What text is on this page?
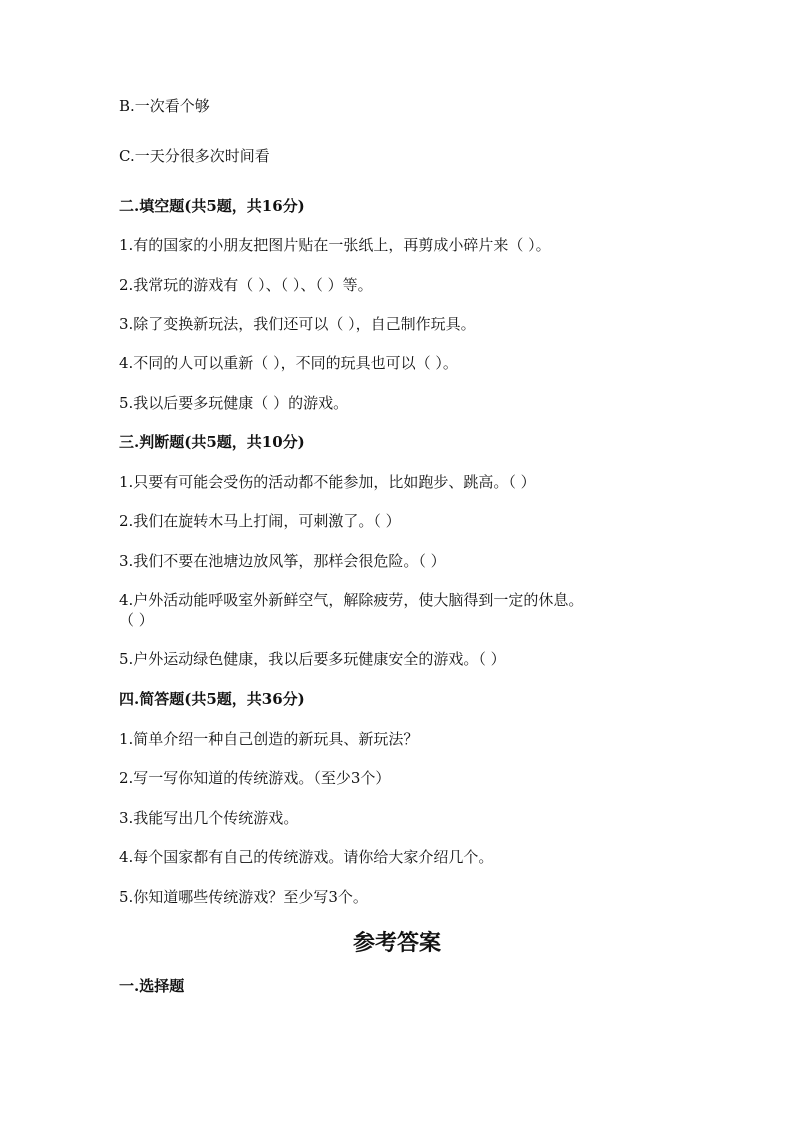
B.一次看个够
C.一天分很多次时间看
二.填空题(共5题，共16分)
1.有的国家的小朋友把图片贴在一张纸上，再剪成小碎片来（ ）。
2.我常玩的游戏有（ ）、（ ）、（ ）等。
3.除了变换新玩法，我们还可以（ ），自己制作玩具。
4.不同的人可以重新（ ），不同的玩具也可以（ ）。
5.我以后要多玩健康（ ）的游戏。
三.判断题(共5题，共10分)
1.只要有可能会受伤的活动都不能参加，比如跑步、跳高。（ ）
2.我们在旋转木马上打闹，可刺激了。（ ）
3.我们不要在池塘边放风筝，那样会很危险。（ ）
4.户外活动能呼吸室外新鲜空气，解除疲劳，使大脑得到一定的休息。
（ ）
5.户外运动绿色健康，我以后要多玩健康安全的游戏。（ ）
四.简答题(共5题，共36分)
1.简单介绍一种自己创造的新玩具、新玩法？
2.写一写你知道的传统游戏。（至少3个）
3.我能写出几个传统游戏。
4.每个国家都有自己的传统游戏。请你给大家介绍几个。
5.你知道哪些传统游戏？至少写3个。
参考答案
一.选择题
